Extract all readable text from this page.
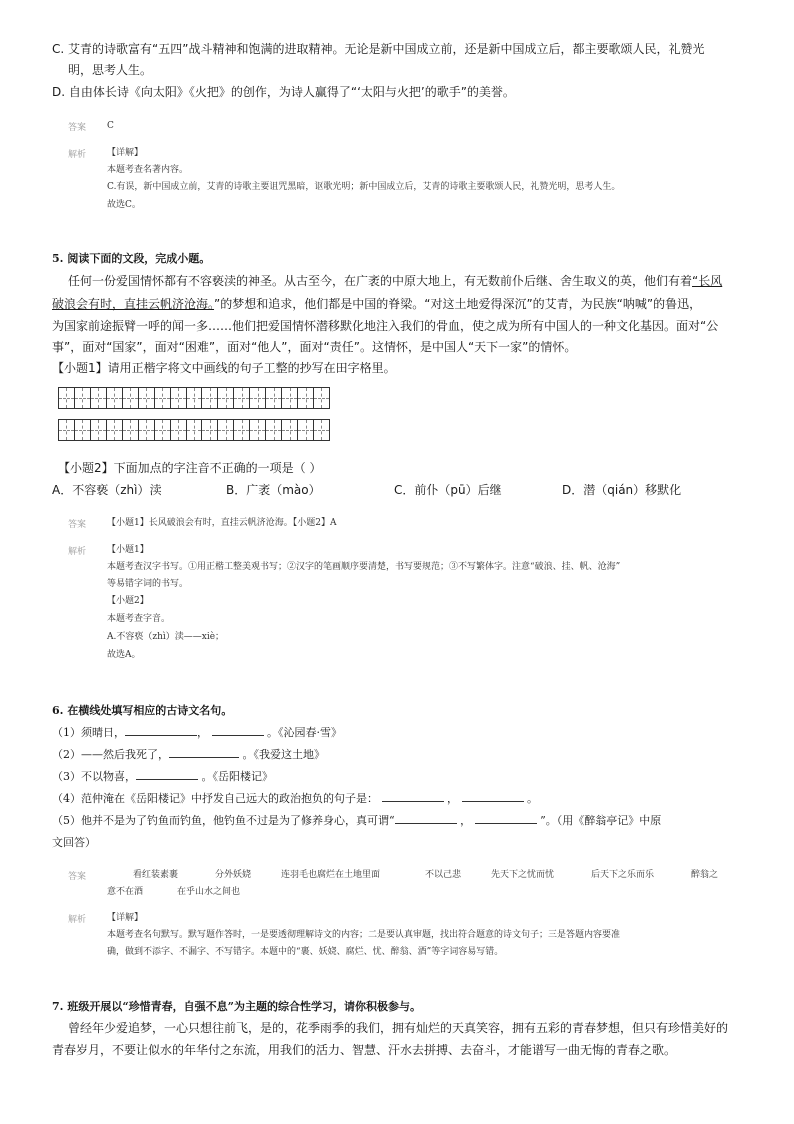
C. 艾青的诗歌富有“五四”战斗精神和饱满的进取精神。无论是新中国成立前，还是新中国成立后，都主要歌颂人民，礼赞光
明，思考人生。
D. 自由体长诗《向太阳》《火把》的创作，为诗人赢得了“‘太阳与火把’的歌手”的美誉。
答案 C
解析 【详解】
本题考查名著内容。
C.有误，新中国成立前，艾青的诗歌主要诅咒黑暗，讴歌光明；新中国成立后，艾青的诗歌主要歌颂人民，礼赞光明，思考人生。
故选C。
5. 阅读下面的文段，完成小题。
任何一份爱国情怀都有不容亵渎的神圣。从古至今，在广袤的中原大地上，有无数前仆后继、舍生取义的英，他们有着“长风
破浪会有时，直挂云帆济沧海。”的梦想和追求，他们都是中国的脊梁。“对这土地爱得深沉”的艾青，为民族“呐喊”的鲁迅，
为国家前途振臂一呼的闻一多……他们把爱国情怀潜移默化地注入我们的骨血，使之成为所有中国人的一种文化基因。面对“公
事”，面对“国家”，面对“困难”，面对“他人”，面对“责任”。这情怀，是中国人“天下一家”的情怀。
【小题1】请用正楷字将文中画线的句子工整的抄写在田字格里。
【小题2】下面加点的字注音不正确的一项是（ ）
A．不容亵（zhì）渎	B．广袤（mào）	C．前仆（pū）后继	D．潜（qián）移默化
答案 【小题1】长风破浪会有时，直挂云帆济沧海。【小题2】A
解析 【小题1】
本题考查汉字书写。①用正楷工整美观书写；②汉字的笔画顺序要清楚，书写要规范；③不写繁体字。注意“破浪、挂、帆、沧海”
等易错字词的书写。
【小题2】
本题考查字音。
A.不容亵（zhì）渎——xiè；
故选A。
6. 在横线处填写相应的古诗文名句。
（1）须晴日，	，	。《沁园春·雪》
（2）——然后我死了，	。《我爱这土地》
（3）不以物喜，	。《岳阳楼记》
（4）范仲淹在《岳阳楼记》中抒发自己远大的政治抱负的句子是：	，	。
（5）他并不是为了钓鱼而钓鱼，他钓鱼不过是为了修养身心，真可谓“	，	”。（用《醉翁亭记》中原
文回答）
答案	看红装素裹	分外妖娆	连羽毛也腐烂在土地里面	不以己悲	先天下之忧而忧	后天下之乐而乐	醉翁之
意不在酒	在乎山水之间也
解析 【详解】
本题考查名句默写。默写题作答时，一是要透彻理解诗文的内容；二是要认真审题，找出符合题意的诗文句子；三是答题内容要准
确，做到不添字、不漏字、不写错字。本题中的“裹、妖娆、腐烂、忧、醉翁、酒”等字词容易写错。
7. 班级开展以“珍惜青春，自强不息”为主题的综合性学习，请你积极参与。
曾经年少爱追梦，一心只想往前飞，是的，花季雨季的我们，拥有灿烂的天真笑容，拥有五彩的青春梦想，但只有珍惜美好的
青春岁月，不要让似水的年华付之东流，用我们的活力、智慧、汗水去拼搏、去奋斗，才能谱写一曲无悔的青春之歌。
